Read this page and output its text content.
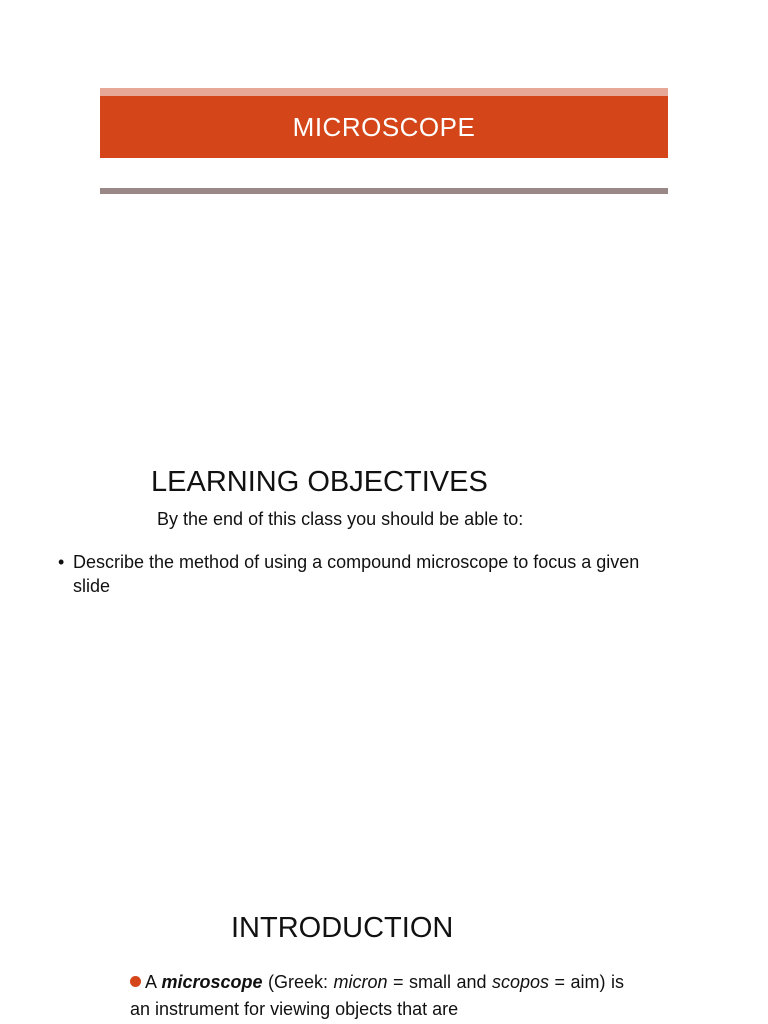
MICROSCOPE
LEARNING OBJECTIVES
By the end of this class you should be able to:
• Describe the method of using a compound microscope to focus a given slide
INTRODUCTION
A microscope (Greek: micron = small and scopos = aim) is an instrument for viewing objects that are
